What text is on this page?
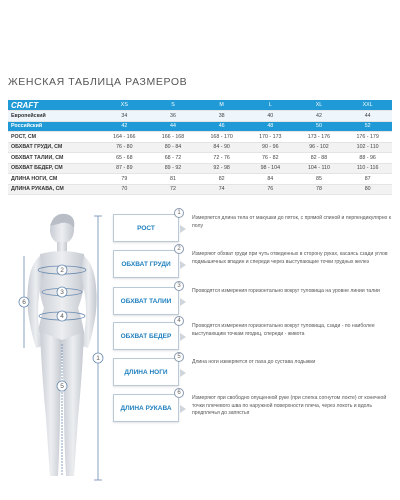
ЖЕНСКАЯ ТАБЛИЦА РАЗМЕРОВ
CRAFT	XS	S	M	L	XL	XXL
Европейский	34	36	38	40	42	44
Российский	42	44	46	48	50	52
РОСТ, СМ	164 - 166	166 - 168	168 - 170	170 - 173	173 - 176	176 - 179
ОБХВАТ ГРУДИ, СМ	76 - 80	80 - 84	84 - 90	90 - 96	96 - 102	102 - 110
ОБХВАТ ТАЛИИ, СМ	65 - 68	68 - 72	72 - 76	76 - 82	82 - 88	88 - 96
ОБХВАТ БЕДЕР, СМ	87 - 89	89 - 92	92 - 98	98 - 104	104 - 110	110 - 116
ДЛИНА НОГИ, СМ	79	81	82	84	85	87
ДЛИНА РУКАВА, СМ	70	72	74	76	78	80
1
2
3
4
5
6
РОСТ
1
Измеряется длина тела от макушки до пяток, с прямой спиной и перпендикулярно к полу
ОБХВАТ ГРУДИ
2
Измеряют обхват груди при чуть отведенных в сторону руках, касаясь сзади углов подмышечных впадин и спереди через выступающие точки грудных желез
ОБХВАТ ТАЛИИ
3
Проводятся измерения горизонтально вокруг туловища на уровне линии талии
ОБХВАТ БЕДЕР
4
Проводятся измерения горизонтально вокруг туловища, сзади - по наиболее выступающим точкам ягодиц, спереди - живота
ДЛИНА НОГИ
5
Длина ноги измеряется от паха до сустава лодыжки
ДЛИНА РУКАВА
6
Измеряют при свободно опущенной руке (при слегка согнутом локте) от конечной точки плечевого шва по наружной поверхности плеча, через локоть и вдоль предплечья до запястья
